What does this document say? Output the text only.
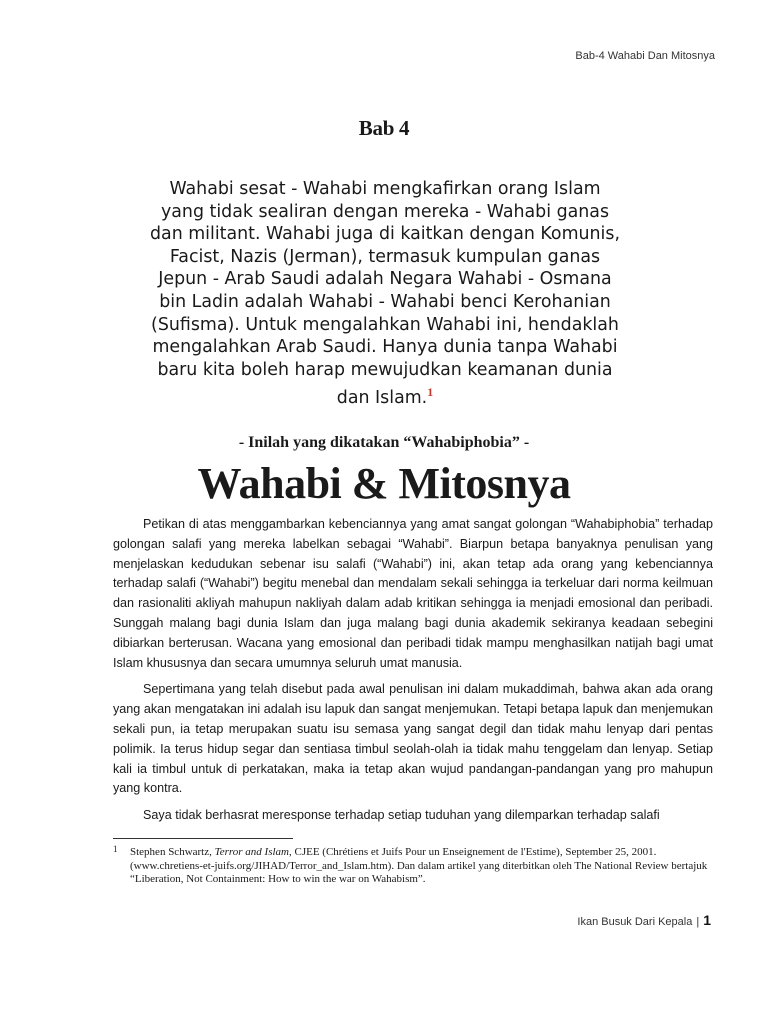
Bab-4 Wahabi Dan Mitosnya
Bab 4
Wahabi sesat - Wahabi mengkafirkan orang Islam yang tidak sealiran dengan mereka - Wahabi ganas dan militant. Wahabi juga di kaitkan dengan Komunis, Facist, Nazis (Jerman), termasuk kumpulan ganas Jepun - Arab Saudi adalah Negara Wahabi - Osmana bin Ladin adalah Wahabi - Wahabi benci Kerohanian (Sufisma). Untuk mengalahkan Wahabi ini, hendaklah mengalahkan Arab Saudi. Hanya dunia tanpa Wahabi baru kita boleh harap mewujudkan keamanan dunia dan Islam.$^1$
- Inilah yang dikatakan “Wahabiphobia” -
Wahabi & Mitosnya

Petikan di atas menggambarkan kebenciannya yang amat sangat golongan “Wahabiphobia” terhadap golongan salafi yang mereka labelkan sebagai “Wahabi”. Biarpun betapa banyaknya penulisan yang menjelaskan kedudukan sebenar isu salafi (“Wahabi”) ini, akan tetap ada orang yang kebenciannya terhadap salafi (“Wahabi”) begitu menebal dan mendalam sekali sehingga ia terkeluar dari norma keilmuan dan rasionaliti akliyah mahupun nakliyah dalam adab kritikan sehingga ia menjadi emosional dan peribadi. Sunggah malang bagi dunia Islam dan juga malang bagi dunia akademik sekiranya keadaan sebegini dibiarkan berterusan. Wacana yang emosional dan peribadi tidak mampu menghasilkan natijah bagi umat Islam khususnya dan secara umumnya seluruh umat manusia.

Sepertimana yang telah disebut pada awal penulisan ini dalam mukaddimah, bahwa akan ada orang yang akan mengatakan ini adalah isu lapuk dan sangat menjemukan. Tetapi betapa lapuk dan menjemukan sekali pun, ia tetap merupakan suatu isu semasa yang sangat degil dan tidak mahu lenyap dari pentas polimik. Ia terus hidup segar dan sentiasa timbul seolah-olah ia tidak mahu tenggelam dan lenyap. Setiap kali ia timbul untuk di perkatakan, maka ia tetap akan wujud pandangan-pandangan yang pro mahupun yang kontra.

Saya tidak berhasrat meresponse terhadap setiap tuduhan yang dilemparkan terhadap salafi

1 Stephen Schwartz, Terror and Islam, CJEE (Chrétiens et Juifs Pour un Enseignement de l'Estime), September 25, 2001. (www.chretiens-et-juifs.org/JIHAD/Terror_and_Islam.htm). Dan dalam artikel yang diterbitkan oleh The National Review bertajuk “Liberation, Not Containment: How to win the war on Wahabism”.
Ikan Busuk Dari Kepala | 1
